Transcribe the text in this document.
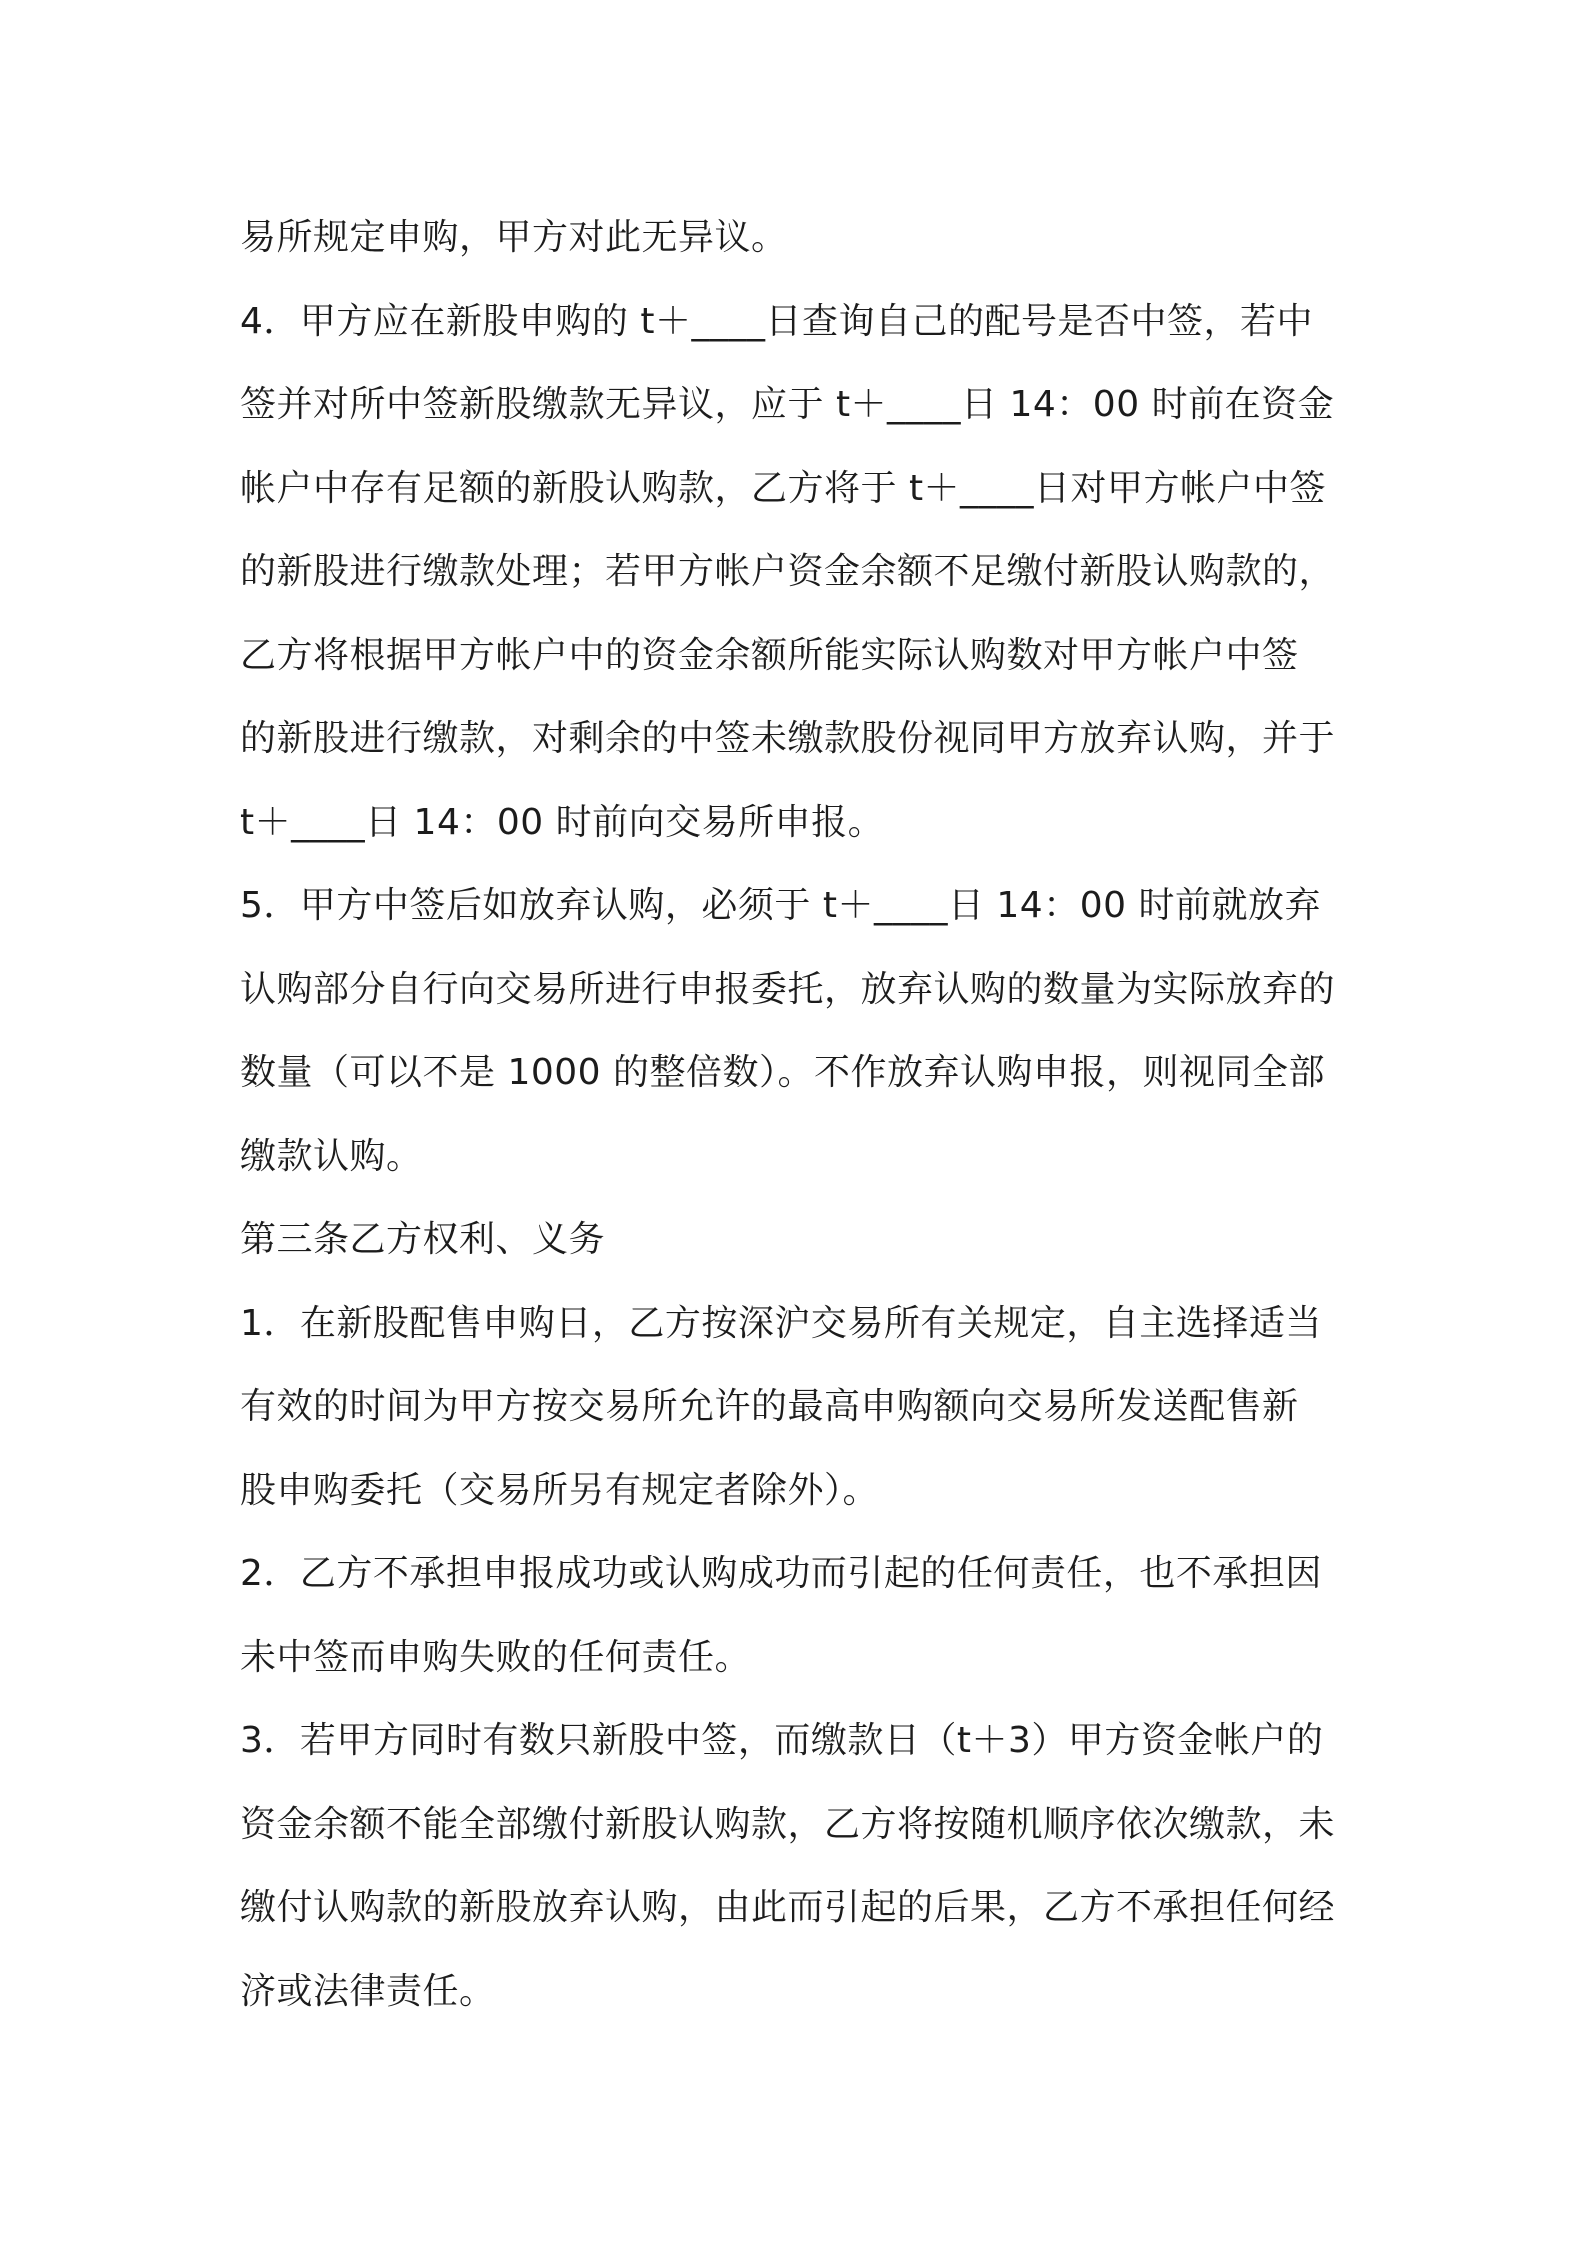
易所规定申购，甲方对此无异议。
4．甲方应在新股申购的 t＋____日查询自己的配号是否中签，若中
签并对所中签新股缴款无异议，应于 t＋____日 14：00 时前在资金
帐户中存有足额的新股认购款，乙方将于 t＋____日对甲方帐户中签
的新股进行缴款处理；若甲方帐户资金余额不足缴付新股认购款的，
乙方将根据甲方帐户中的资金余额所能实际认购数对甲方帐户中签
的新股进行缴款，对剩余的中签未缴款股份视同甲方放弃认购，并于
t＋____日 14：00 时前向交易所申报。
5．甲方中签后如放弃认购，必须于 t＋____日 14：00 时前就放弃
认购部分自行向交易所进行申报委托，放弃认购的数量为实际放弃的
数量（可以不是 1000 的整倍数）。不作放弃认购申报，则视同全部
缴款认购。
第三条乙方权利、义务
1．在新股配售申购日，乙方按深沪交易所有关规定，自主选择适当
有效的时间为甲方按交易所允许的最高申购额向交易所发送配售新
股申购委托（交易所另有规定者除外）。
2．乙方不承担申报成功或认购成功而引起的任何责任，也不承担因
未中签而申购失败的任何责任。
3．若甲方同时有数只新股中签，而缴款日（t＋3）甲方资金帐户的
资金余额不能全部缴付新股认购款，乙方将按随机顺序依次缴款，未
缴付认购款的新股放弃认购，由此而引起的后果，乙方不承担任何经
济或法律责任。
